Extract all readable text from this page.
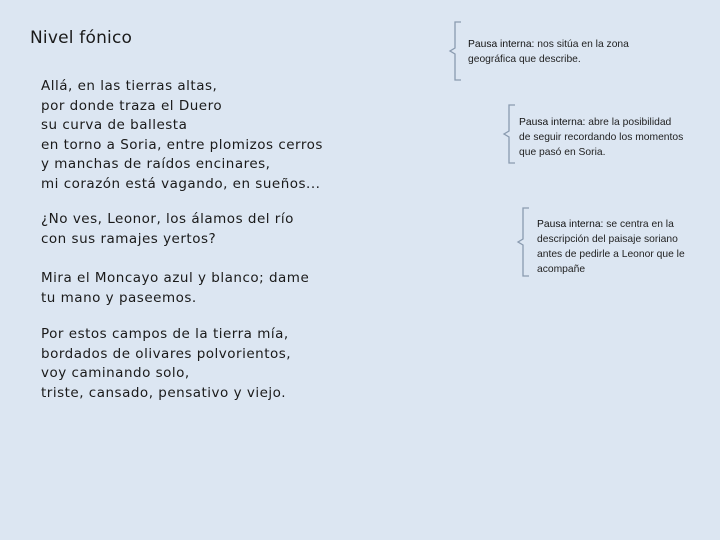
Nivel fónico
Allá, en las tierras altas,
por donde traza el Duero
su curva de ballesta
en torno a Soria, entre plomizos cerros
y manchas de raídos encinares,
mi corazón está vagando, en sueños...
¿No ves, Leonor, los álamos del río
con sus ramajes yertos?
Mira el Moncayo azul y blanco; dame
tu mano y paseemos.
Por estos campos de la tierra mía,
bordados de olivares polvorientos,
voy caminando solo,
triste, cansado, pensativo y viejo.
Pausa interna: nos sitúa en la zona
geográfica que describe.
Pausa interna: abre la posibilidad
de seguir recordando los momentos
que pasó en Soria.
Pausa interna: se centra en la
descripción del paisaje soriano
antes de pedirle a Leonor que le
acompañe
